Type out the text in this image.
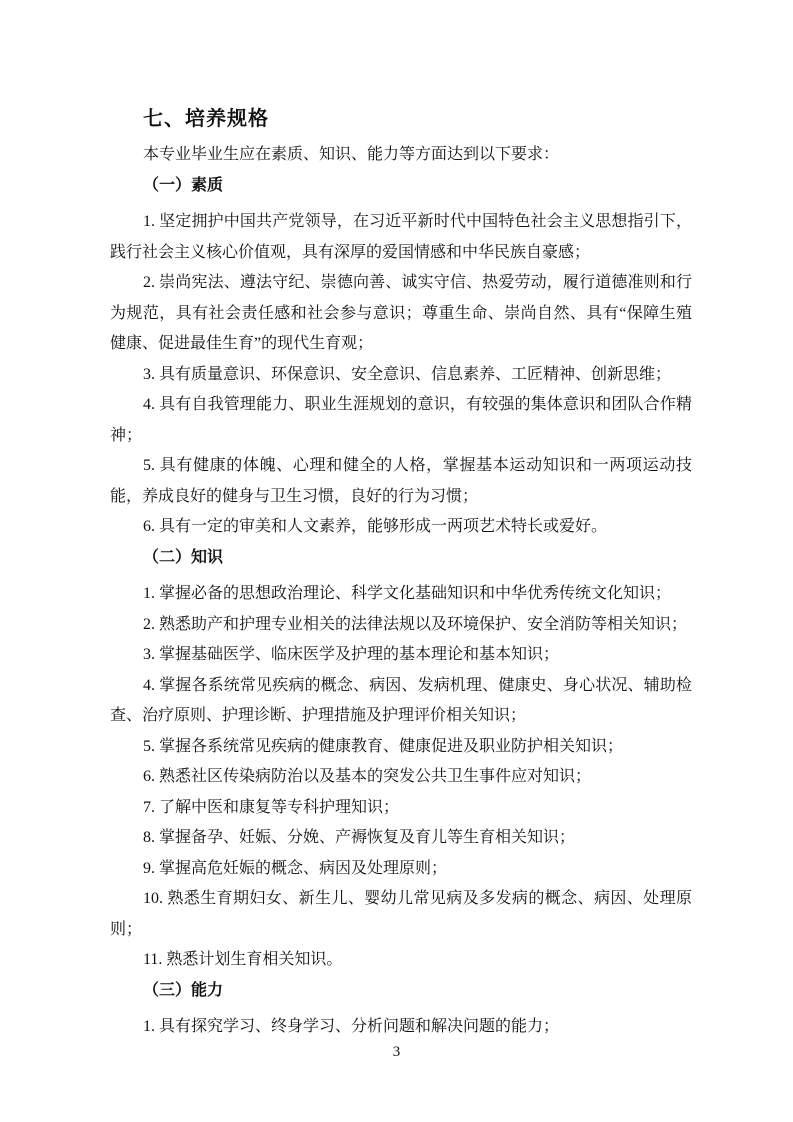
七、培养规格

本专业毕业生应在素质、知识、能力等方面达到以下要求：

（一）素质

1. 坚定拥护中国共产党领导，在习近平新时代中国特色社会主义思想指引下，践行社会主义核心价值观，具有深厚的爱国情感和中华民族自豪感；

2. 崇尚宪法、遵法守纪、崇德向善、诚实守信、热爱劳动，履行道德准则和行为规范，具有社会责任感和社会参与意识；尊重生命、崇尚自然、具有“保障生殖健康、促进最佳生育”的现代生育观；

3. 具有质量意识、环保意识、安全意识、信息素养、工匠精神、创新思维；

4. 具有自我管理能力、职业生涯规划的意识，有较强的集体意识和团队合作精神；

5. 具有健康的体魄、心理和健全的人格，掌握基本运动知识和一两项运动技能，养成良好的健身与卫生习惯，良好的行为习惯；

6. 具有一定的审美和人文素养，能够形成一两项艺术特长或爱好。

（二）知识

1. 掌握必备的思想政治理论、科学文化基础知识和中华优秀传统文化知识；

2. 熟悉助产和护理专业相关的法律法规以及环境保护、安全消防等相关知识；

3. 掌握基础医学、临床医学及护理的基本理论和基本知识；

4. 掌握各系统常见疾病的概念、病因、发病机理、健康史、身心状况、辅助检查、治疗原则、护理诊断、护理措施及护理评价相关知识；

5. 掌握各系统常见疾病的健康教育、健康促进及职业防护相关知识；

6. 熟悉社区传染病防治以及基本的突发公共卫生事件应对知识；

7. 了解中医和康复等专科护理知识；

8. 掌握备孕、妊娠、分娩、产褥恢复及育儿等生育相关知识；

9. 掌握高危妊娠的概念、病因及处理原则；

10. 熟悉生育期妇女、新生儿、婴幼儿常见病及多发病的概念、病因、处理原则；

11. 熟悉计划生育相关知识。

（三）能力

1. 具有探究学习、终身学习、分析问题和解决问题的能力；

3
